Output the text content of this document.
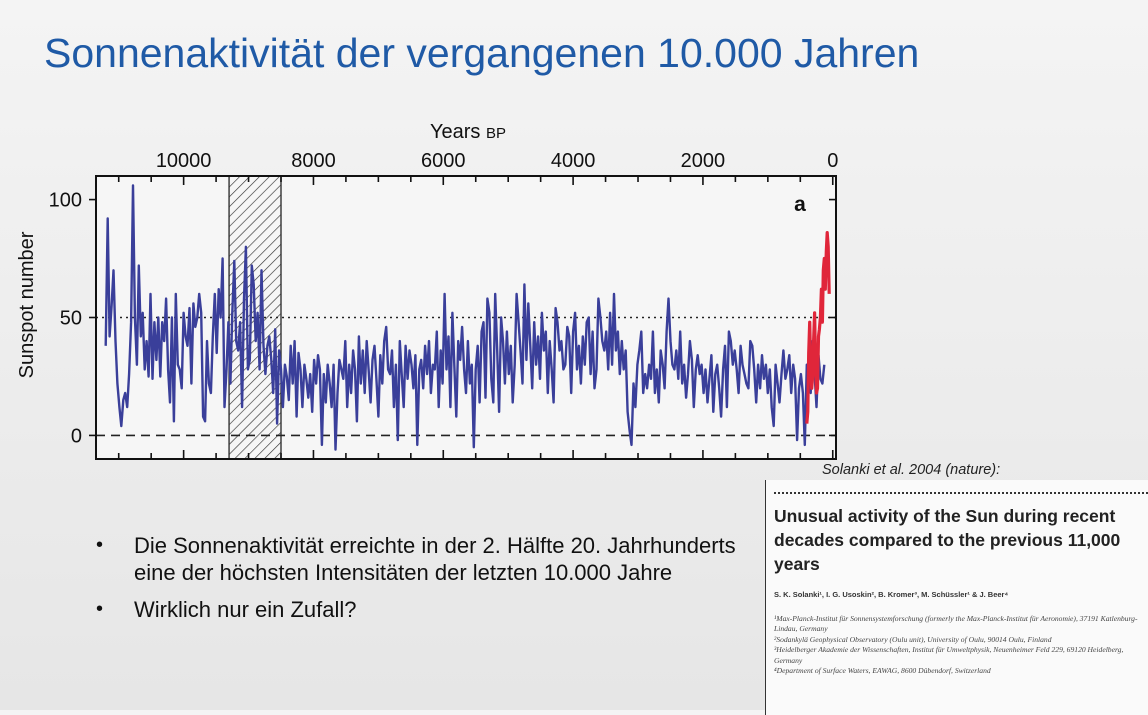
Sonnenaktivität der vergangenen 10.000 Jahren
10000	8000	6000	4000	2000	0
0
50
100
Years BP
Sunspot number
a
Solanki et al. 2004 (nature):
• Die Sonnenaktivität erreichte in der 2. Hälfte 20. Jahrhunderts eine der höchsten Intensitäten der letzten 10.000 Jahre
• Wirklich nur ein Zufall?
Unusual activity of the Sun during recent decades compared to the previous 11,000 years
S. K. Solanki¹, I. G. Usoskin², B. Kromer³, M. Schüssler¹ & J. Beer⁴
¹Max-Planck-Institut für Sonnensystemforschung (formerly the Max-Planck-Institut für Aeronomie), 37191 Katlenburg-Lindau, Germany
²Sodankylä Geophysical Observatory (Oulu unit), University of Oulu, 90014 Oulu, Finland
³Heidelberger Akademie der Wissenschaften, Institut für Umweltphysik, Neuenheimer Feld 229, 69120 Heidelberg, Germany
⁴Department of Surface Waters, EAWAG, 8600 Dübendorf, Switzerland
